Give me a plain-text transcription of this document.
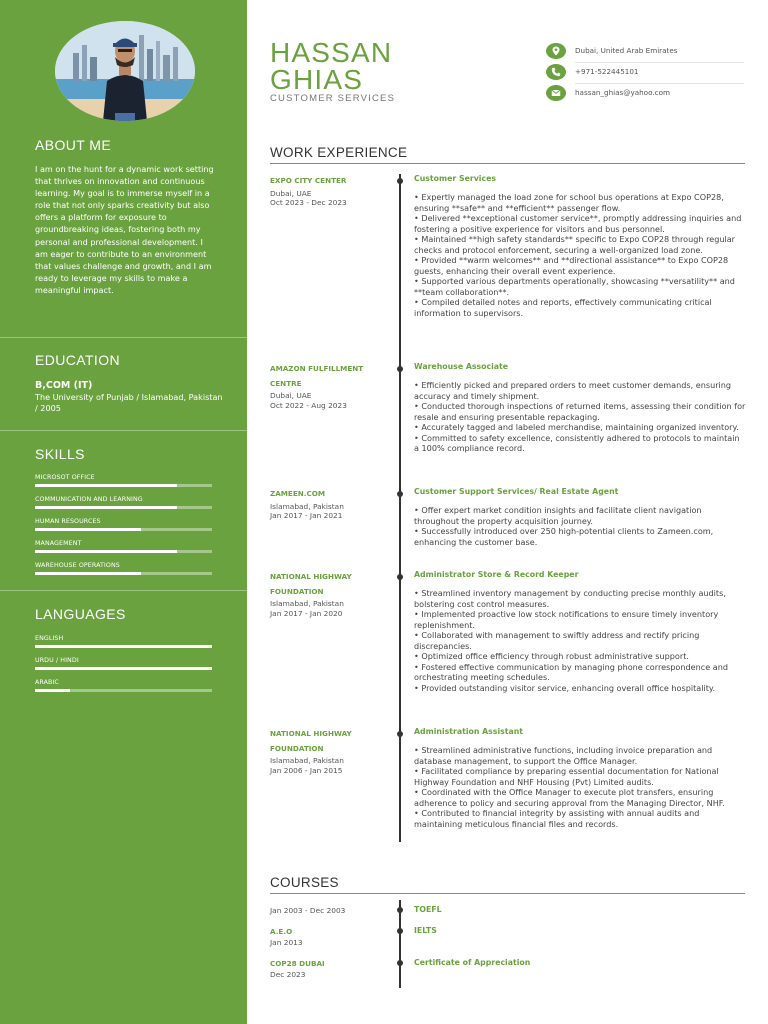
ABOUT ME
I am on the hunt for a dynamic work setting that thrives on innovation and continuous learning. My goal is to immerse myself in a role that not only sparks creativity but also offers a platform for exposure to groundbreaking ideas, fostering both my personal and professional development. I am eager to contribute to an environment that values challenge and growth, and I am ready to leverage my skills to make a meaningful impact.
EDUCATION
B,COM (IT)
The University of Punjab / Islamabad, Pakistan / 2005
SKILLS
MICROSOT OFFICE
COMMUNICATION AND LEARNING
HUMAN RESOURCES
MANAGEMENT
WAREHOUSE OPERATIONS
LANGUAGES
ENGLISH
URDU / HINDI
ARABIC
HASSAN
GHIAS
CUSTOMER SERVICES
Dubai, United Arab Emirates
+971-522445101
hassan_ghias@yahoo.com
WORK EXPERIENCE
EXPO CITY CENTER
Dubai, UAE
Oct 2023 - Dec 2023
Customer Services
• Expertly managed the load zone for school bus operations at Expo COP28, ensuring **safe** and **efficient** passenger flow.
• Delivered **exceptional customer service**, promptly addressing inquiries and fostering a positive experience for visitors and bus personnel.
• Maintained **high safety standards** specific to Expo COP28 through regular checks and protocol enforcement, securing a well-organized load zone.
• Provided **warm welcomes** and **directional assistance** to Expo COP28 guests, enhancing their overall event experience.
• Supported various departments operationally, showcasing **versatility** and **team collaboration**.
• Compiled detailed notes and reports, effectively communicating critical information to supervisors.
AMAZON FULFILLMENT CENTRE
Dubai, UAE
Oct 2022 - Aug 2023
Warehouse Associate
• Efficiently picked and prepared orders to meet customer demands, ensuring accuracy and timely shipment.
• Conducted thorough inspections of returned items, assessing their condition for resale and ensuring presentable repackaging.
• Accurately tagged and labeled merchandise, maintaining organized inventory.
• Committed to safety excellence, consistently adhered to protocols to maintain a 100% compliance record.
ZAMEEN.COM
Islamabad, Pakistan
Jan 2017 - Jan 2021
Customer Support Services/ Real Estate Agent
• Offer expert market condition insights and facilitate client navigation throughout the property acquisition journey.
• Successfully introduced over 250 high-potential clients to Zameen.com, enhancing the customer base.
NATIONAL HIGHWAY FOUNDATION
Islamabad, Pakistan
Jan 2017 - Jan 2020
Administrator Store & Record Keeper
• Streamlined inventory management by conducting precise monthly audits, bolstering cost control measures.
• Implemented proactive low stock notifications to ensure timely inventory replenishment.
• Collaborated with management to swiftly address and rectify pricing discrepancies.
• Optimized office efficiency through robust administrative support.
• Fostered effective communication by managing phone correspondence and orchestrating meeting schedules.
• Provided outstanding visitor service, enhancing overall office hospitality.
NATIONAL HIGHWAY FOUNDATION
Islamabad, Pakistan
Jan 2006 - Jan 2015
Administration Assistant
• Streamlined administrative functions, including invoice preparation and database management, to support the Office Manager.
• Facilitated compliance by preparing essential documentation for National Highway Foundation and NHF Housing (Pvt) Limited audits.
• Coordinated with the Office Manager to execute plot transfers, ensuring adherence to policy and securing approval from the Managing Director, NHF.
• Contributed to financial integrity by assisting with annual audits and maintaining meticulous financial files and records.
COURSES
Jan 2003 - Dec 2003	TOEFL
A.E.O
Jan 2013
IELTS
COP28 DUBAI
Dec 2023
Certificate of Appreciation
